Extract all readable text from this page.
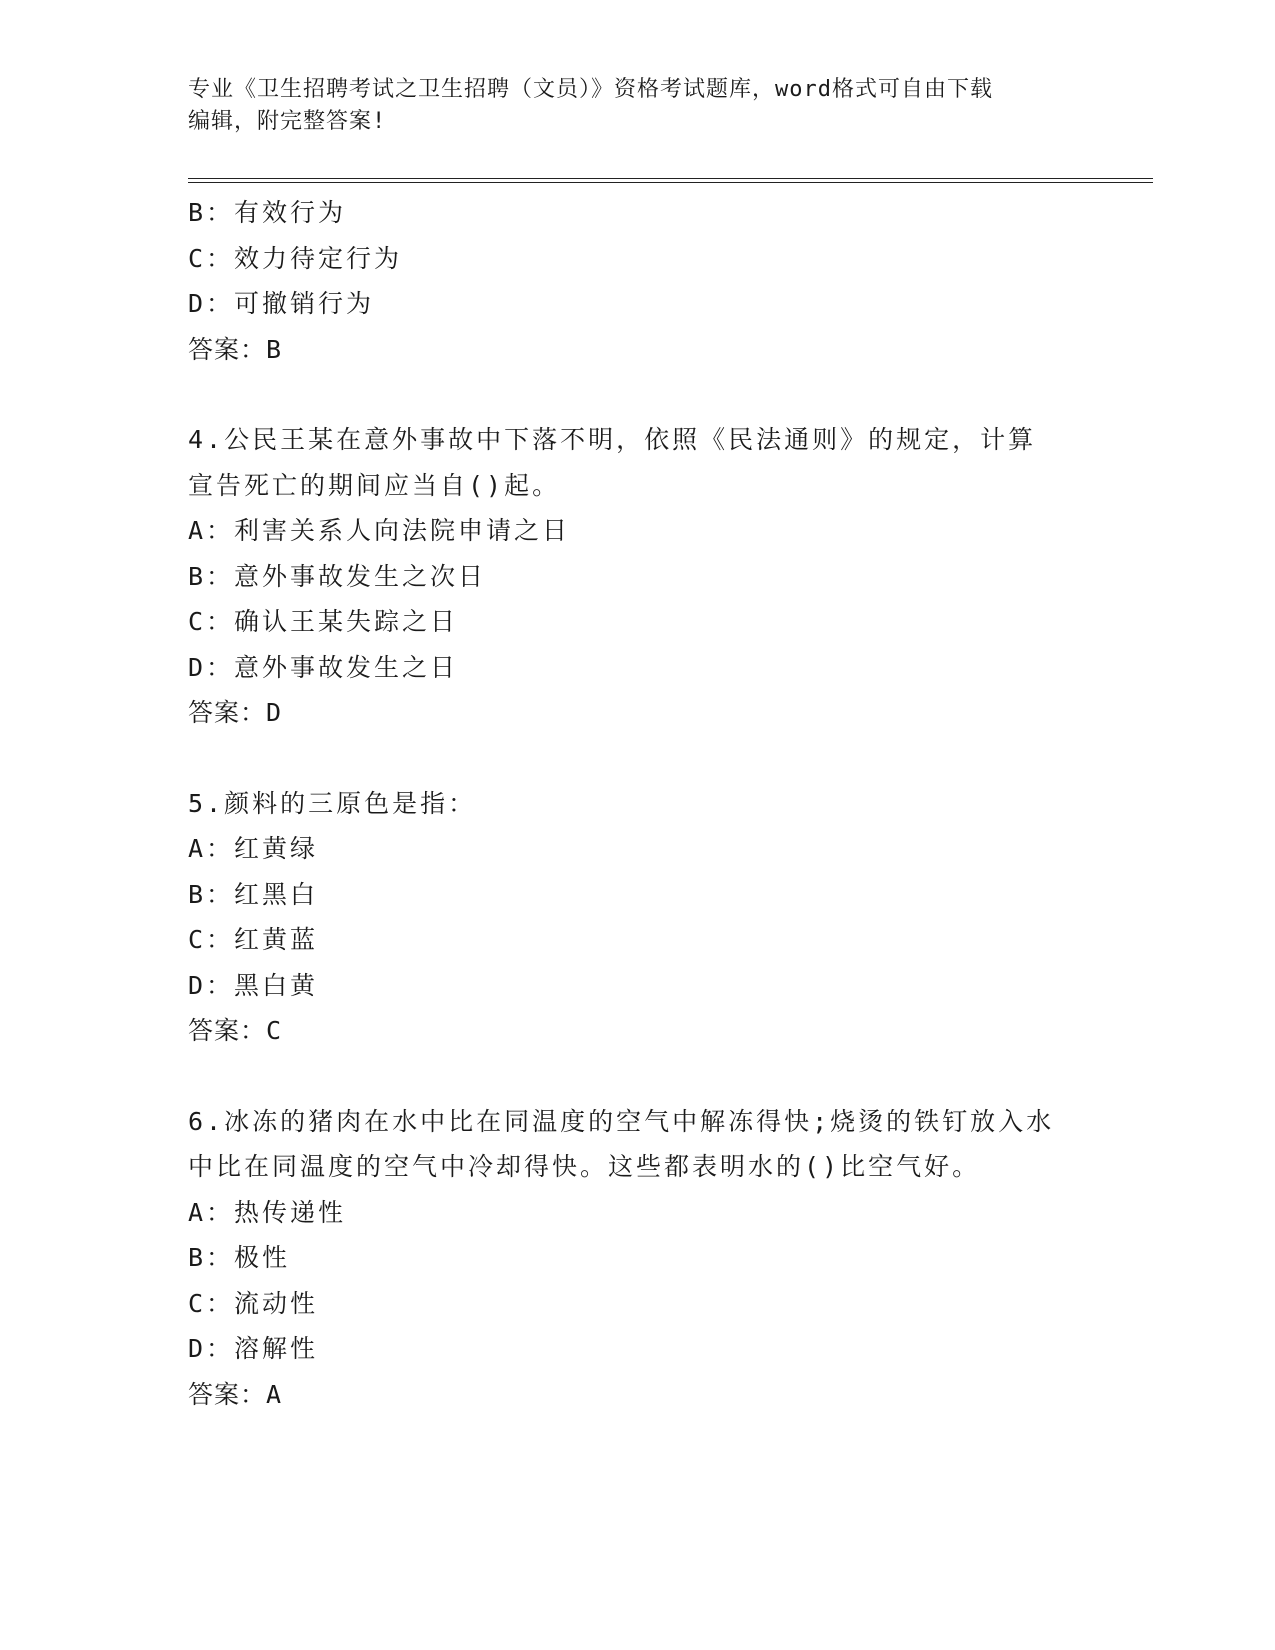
专业《卫生招聘考试之卫生招聘（文员）》资格考试题库，word格式可自由下载
编辑，附完整答案!
B：有效行为
C：效力待定行为
D：可撤销行为
答案：B
4.公民王某在意外事故中下落不明，依照《民法通则》的规定，计算
宣告死亡的期间应当自()起。
A：利害关系人向法院申请之日
B：意外事故发生之次日
C：确认王某失踪之日
D：意外事故发生之日
答案：D
5.颜料的三原色是指：
A：红黄绿
B：红黑白
C：红黄蓝
D：黑白黄
答案：C
6.冰冻的猪肉在水中比在同温度的空气中解冻得快;烧烫的铁钉放入水
中比在同温度的空气中冷却得快。这些都表明水的()比空气好。
A：热传递性
B：极性
C：流动性
D：溶解性
答案：A
